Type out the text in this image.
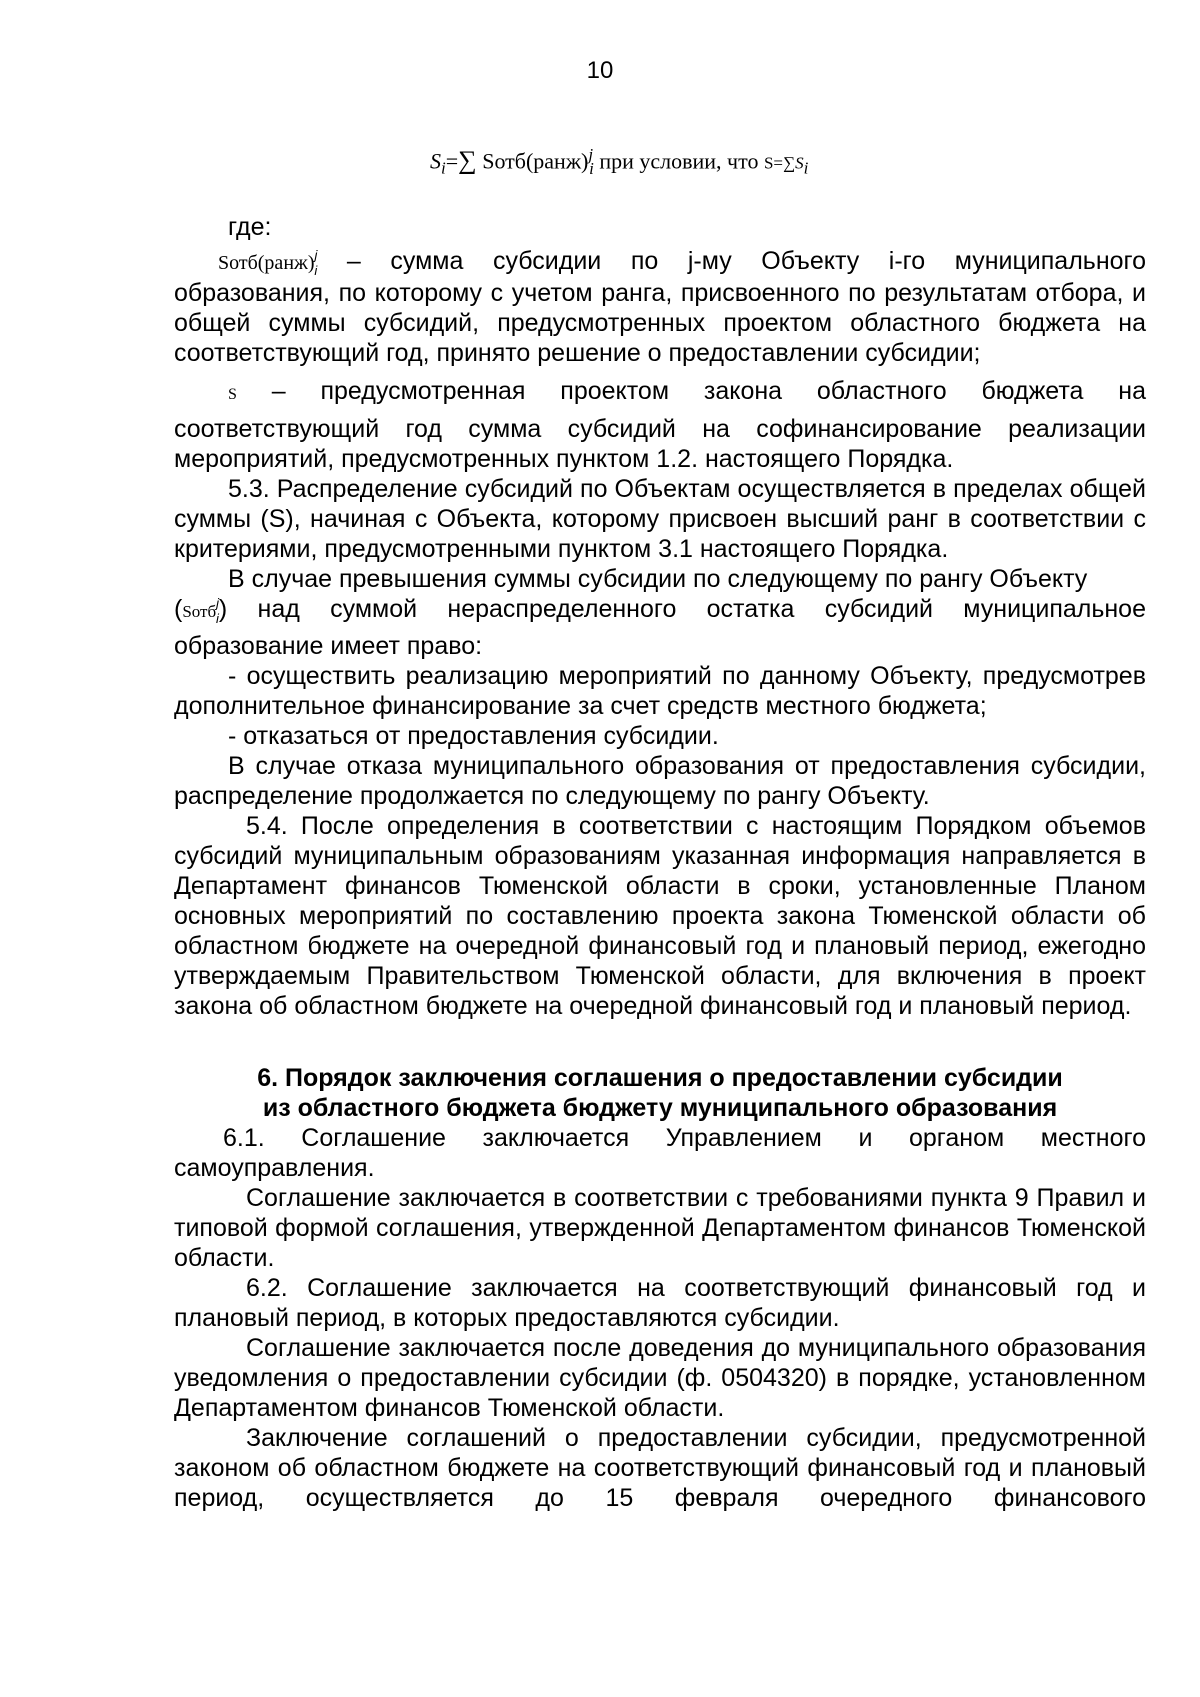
10
$S_i=\sum$ Sотб(ранж)$^j_i$ при условии, что $S=\sum S_i$

где:

Sотб(ранж)$^j_i$ – сумма субсидии по j-му Объекту i-го муниципального

образования, по которому с учетом ранга, присвоенного по результатам отбора, и общей суммы субсидий, предусмотренных проектом областного бюджета на соответствующий год, принято решение о предоставлении субсидии;

S – предусмотренная проектом закона областного бюджета на

соответствующий год сумма субсидий на софинансирование реализации мероприятий, предусмотренных пунктом 1.2. настоящего Порядка.

5.3. Распределение субсидий по Объектам осуществляется в пределах общей суммы (S), начиная с Объекта, которому присвоен высший ранг в соответствии с критериями, предусмотренными пунктом 3.1 настоящего Порядка.

В случае превышения суммы субсидии по следующему по рангу Объекту

(Sотб$^j_i$) над суммой нераспределенного остатка субсидий муниципальное

образование имеет право:

- осуществить реализацию мероприятий по данному Объекту, предусмотрев дополнительное финансирование за счет средств местного бюджета;

- отказаться от предоставления субсидии.

В случае отказа муниципального образования от предоставления субсидии, распределение продолжается по следующему по рангу Объекту.

5.4. После определения в соответствии с настоящим Порядком объемов субсидий муниципальным образованиям указанная информация направляется в Департамент финансов Тюменской области в сроки, установленные Планом основных мероприятий по составлению проекта закона Тюменской области об областном бюджете на очередной финансовый год и плановый период, ежегодно утверждаемым Правительством Тюменской области, для включения в проект закона об областном бюджете на очередной финансовый год и плановый период.

6. Порядок заключения соглашения о предоставлении субсидии
из областного бюджета бюджету муниципального образования

6.1. Соглашение заключается Управлением и органом местного самоуправления.

Соглашение заключается в соответствии с требованиями пункта 9 Правил и типовой формой соглашения, утвержденной Департаментом финансов Тюменской области.

6.2. Соглашение заключается на соответствующий финансовый год и плановый период, в которых предоставляются субсидии.

Соглашение заключается после доведения до муниципального образования уведомления о предоставлении субсидии (ф. 0504320) в порядке, установленном Департаментом финансов Тюменской области.

Заключение соглашений о предоставлении субсидии, предусмотренной законом об областном бюджете на соответствующий финансовый год и плановый период, осуществляется до 15 февраля очередного финансового
